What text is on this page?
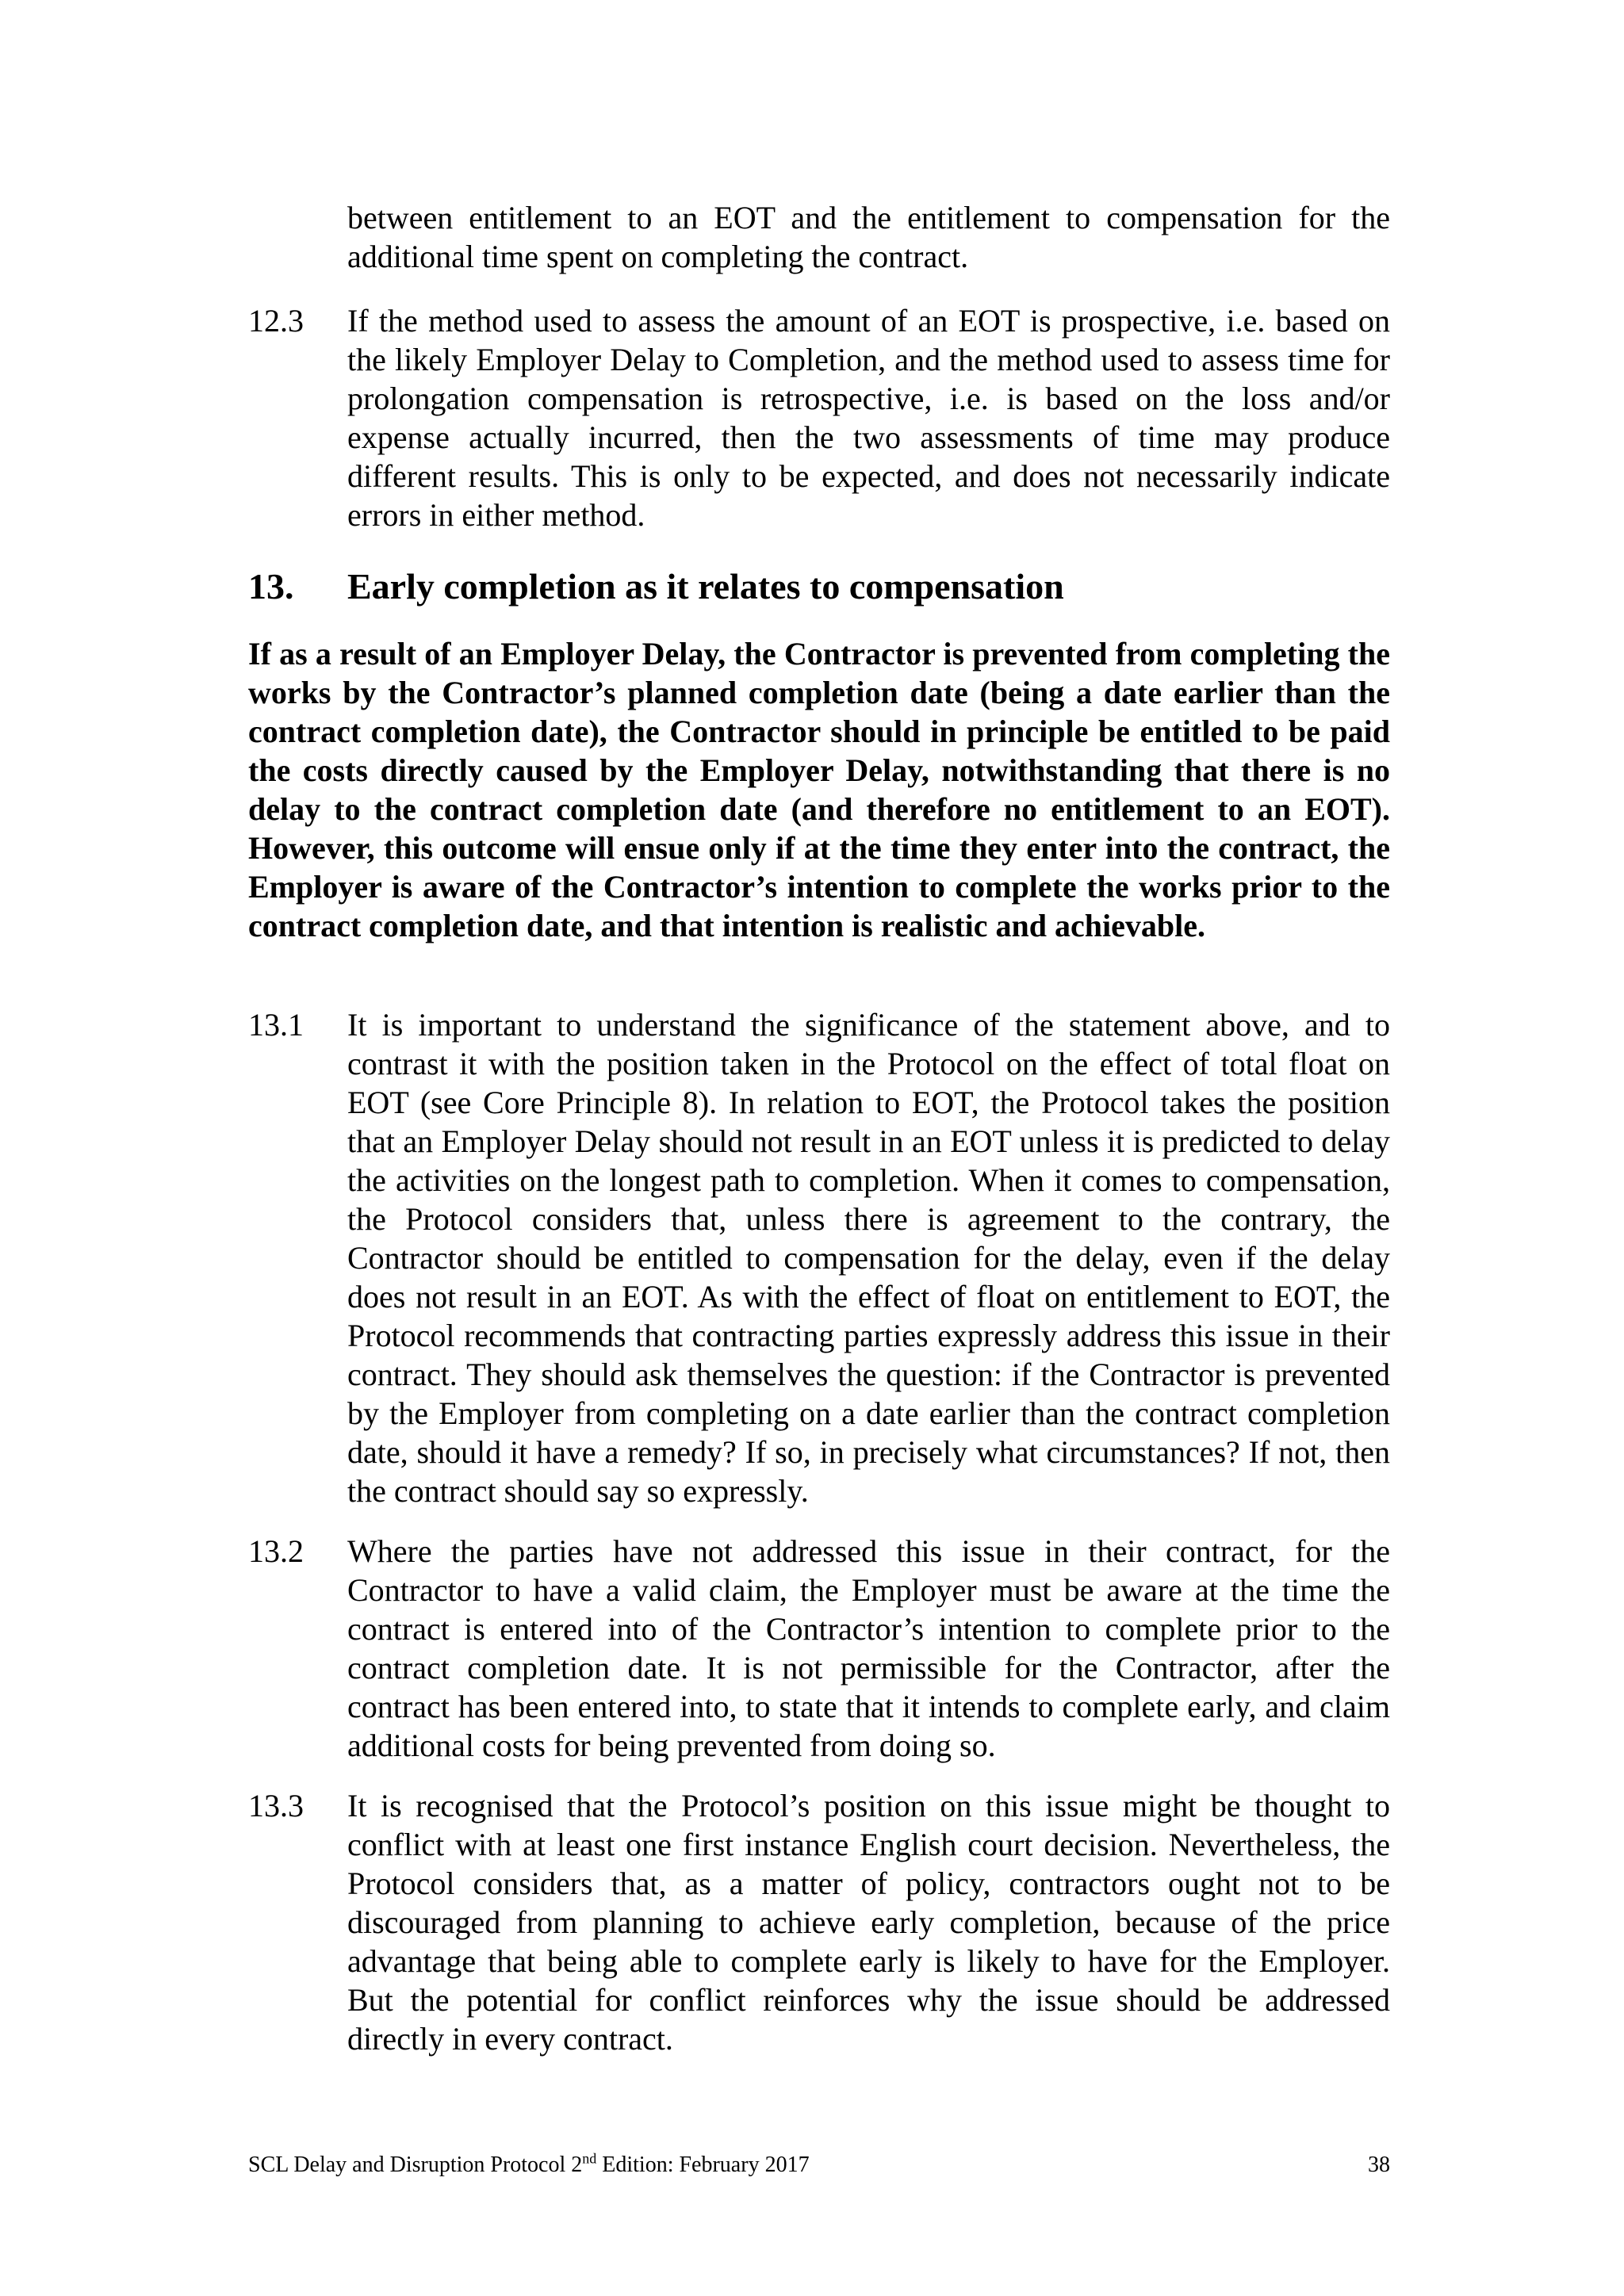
between entitlement to an EOT and the entitlement to compensation for the additional time spent on completing the contract.
12.3 If the method used to assess the amount of an EOT is prospective, i.e. based on the likely Employer Delay to Completion, and the method used to assess time for prolongation compensation is retrospective, i.e. is based on the loss and/or expense actually incurred, then the two assessments of time may produce different results. This is only to be expected, and does not necessarily indicate errors in either method.
13. Early completion as it relates to compensation
If as a result of an Employer Delay, the Contractor is prevented from completing the works by the Contractor’s planned completion date (being a date earlier than the contract completion date), the Contractor should in principle be entitled to be paid the costs directly caused by the Employer Delay, notwithstanding that there is no delay to the contract completion date (and therefore no entitlement to an EOT). However, this outcome will ensue only if at the time they enter into the contract, the Employer is aware of the Contractor’s intention to complete the works prior to the contract completion date, and that intention is realistic and achievable.
13.1 It is important to understand the significance of the statement above, and to contrast it with the position taken in the Protocol on the effect of total float on EOT (see Core Principle 8). In relation to EOT, the Protocol takes the position that an Employer Delay should not result in an EOT unless it is predicted to delay the activities on the longest path to completion. When it comes to compensation, the Protocol considers that, unless there is agreement to the contrary, the Contractor should be entitled to compensation for the delay, even if the delay does not result in an EOT. As with the effect of float on entitlement to EOT, the Protocol recommends that contracting parties expressly address this issue in their contract. They should ask themselves the question: if the Contractor is prevented by the Employer from completing on a date earlier than the contract completion date, should it have a remedy? If so, in precisely what circumstances? If not, then the contract should say so expressly.
13.2 Where the parties have not addressed this issue in their contract, for the Contractor to have a valid claim, the Employer must be aware at the time the contract is entered into of the Contractor’s intention to complete prior to the contract completion date. It is not permissible for the Contractor, after the contract has been entered into, to state that it intends to complete early, and claim additional costs for being prevented from doing so.
13.3 It is recognised that the Protocol’s position on this issue might be thought to conflict with at least one first instance English court decision. Nevertheless, the Protocol considers that, as a matter of policy, contractors ought not to be discouraged from planning to achieve early completion, because of the price advantage that being able to complete early is likely to have for the Employer. But the potential for conflict reinforces why the issue should be addressed directly in every contract.
SCL Delay and Disruption Protocol 2nd Edition: February 2017	38
